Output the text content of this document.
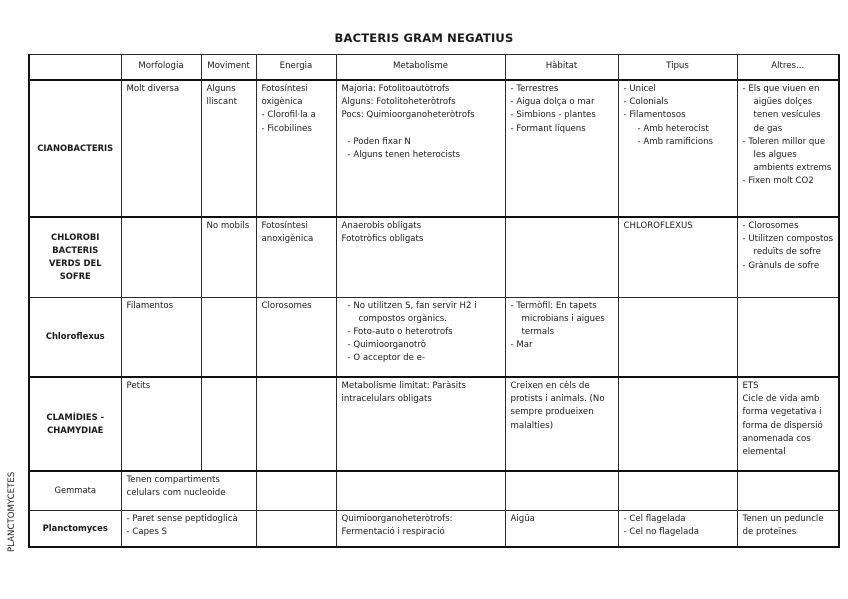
BACTERIS GRAM NEGATIUS
	Morfologia	Moviment	Energia	Metabolisme	Hàbitat	Tipus	Altres...
CIANOBACTERIS	Molt diversa	Alguns
lliscant	Fotosíntesi
oxigènica
- Clorofil·la a
- Ficobilines	Majoria: Fotolitoautòtrofs
Alguns: Fotolitoheteròtrofs
Pocs: Quimioorganoheteròtrofs
- Poden fixar N
- Alguns tenen heterocists	- Terrestres
- Aigua dolça o mar
- Simbions - plantes
- Formant líquens	- Unicel
- Colonials
- Filamentosos
- Amb heterocist
- Amb ramificions	- Els que viuen en aigües dolçes tenen vesícules de gas
- Toleren millor que les algues ambients extrems
- Fixen molt CO2

CHLOROBI
BACTERIS
VERDS DEL
SOFRE		No mobils	Fotosíntesi
anoxigènica	Anaerobis obligats
Fototròfics obligats		CHLOROFLEXUS	- Clorosomes
- Utilitzen compostos reduïts de sofre
- Grànuls de sofre

Chloroflexus	Filamentos		Clorosomes	- No utilitzen S, fan servir H2 i compostos orgànics.
- Foto-auto o heterotrofs
- Quimioorganotrò
- O acceptor de e-	- Termòfil: En tapets microbians i aigues termals
- Mar		

CLAMÍDIES -
CHAMYDIAE	Petits			Metabolisme limitat: Paràsits intracelulars obligats	Creixen en cèls de protists i animals. (No sempre produeixen malalties)		ETS
Cicle de vida amb forma vegetativa i forma de dispersió anomenada cos elemental

Gemmata	Tenen compartiments celulars com nucleoide						

Planctomyces	- Paret sense peptidoglicà
- Capes S			Quimioorganoheteròtrofs:
Fermentació i respiració	Aigüa	- Cel flagelada
- Cel no flagelada	Tenen un peduncle de proteïnes
PLANCTOMYCETES
